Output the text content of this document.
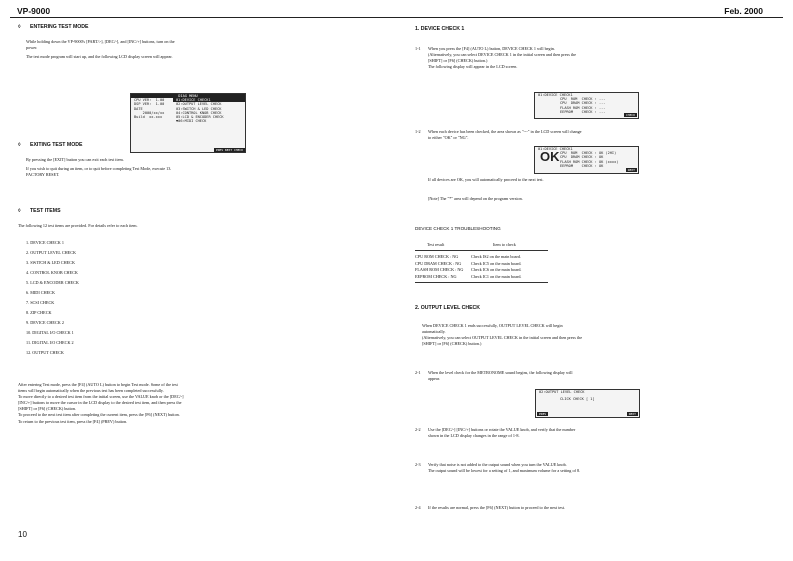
VP-9000	Feb. 2000
◊ ENTERING TEST MODE

While holding down the VP-9000's [PART/>], [DEC/-], and [INC/+] buttons, turn on the power.

The test mode program will start up, and the following LCD display screen will appear.

DIAG MENU
CPU VER:  1.00
DSP VER:  1.00
DATE
2000/xx/xx
Build  xx.xxx
01:DEVICE CHECK1
02:OUTPUT LEVEL CHECK
03:SWITCH & LED CHECK
04:CONTROL KNOB CHECK
05:LCD & ENCODER CHECK
▼06:MIDI CHECK
PREV NEXT CHECK
◊ EXITING TEST MODE

By pressing the [EXIT] button you can exit each test item.

If you wish to quit during an item, or to quit before completing Test Mode, execute 13. FACTORY RESET.

◊ TEST ITEMS

The following 12 test items are provided. For details refer to each item.

1. DEVICE CHECK 1
2. OUTPUT LEVEL CHECK
3. SWITCH & LED CHECK
4. CONTROL KNOB CHECK
5. LCD & ENCODER CHECK
6. MIDI CHECK
7. SCSI CHECK
8. ZIP CHECK
9. DEVICE CHECK 2
10. DIGITAL I/O CHECK 1
11. DIGITAL I/O CHECK 2
12. OUTPUT CHECK

After entering Test mode, press the [F4] (AUTO L) button to begin Test mode. Some of the test items will begin automatically when the previous test has been completed successfully.

To move directly to a desired test item from the initial screen, use the VALUE knob or the [DEC/-] [INC/+] buttons to move the cursor in the LCD display to the desired test item, and then press the [SHIFT] or [F6] (CHECK) button.

To proceed to the next test item after completing the current item, press the [F6] (NEXT) button.

To return to the previous test item, press the [F4] (PREV) button.

10
1. DEVICE CHECK 1
1-1 When you press the [F4] (AUTO L) button, DEVICE CHECK 1 will begin.

(Alternatively, you can select DEVICE CHECK 1 in the initial screen and then press the [SHIFT] or [F6] (CHECK) button.)

The following display will appear in the LCD screen.

01:DEVICE CHECK1
CPU  ROM  CHECK : ---
CPU  DRAM CHECK : ---
FLASH ROM CHECK : ---
EEPROM    CHECK : ---
CHECK
1-2 When each device has been checked, the area shown as "---" in the LCD screen will change to either "OK" or "NG".

01:DEVICE CHECK1
OK CPU  ROM  CHECK : OK (2HI)
CPU  DRAM CHECK : OK
FLASH ROM CHECK : OK (xxxx)
EEPROM    CHECK : OK
NEXT

If all devices are OK, you will automatically proceed to the next test.

[Note] The "*" area will depend on the program version.

DEVICE CHECK 1 TROUBLESHOOTING
Test result	Item to check
CPU ROM CHECK : NG	Check IS2 on the main board.
CPU DRAM CHECK : NG	Check IC5 on the main board.
FLASH ROM CHECK : NG	Check IC6 on the main board.
EEPROM CHECK : NG	Check IC1 on the main board.
2. OUTPUT LEVEL CHECK

When DEVICE CHECK 1 ends successfully, OUTPUT LEVEL CHECK will begin automatically.

(Alternatively, you can select OUTPUT LEVEL CHECK in the initial screen and then press the [SHIFT] or [F6] (CHECK) button.)

2-1 When the level check for the METRONOME sound begins, the following display will appear.

02:OUTPUT LEVEL CHECK
CLICK CHECK [ 1]
PREV	NEXT
2-2 Use the [DEC/-] [INC/+] buttons or rotate the VALUE knob, and verify that the number shown in the LCD display changes in the range of 1-8.

2-3 Verify that noise is not added to the output sound when you turn the VALUE knob.

The output sound will be lowest for a setting of 1, and maximum volume for a setting of 8.

2-4 If the results are normal, press the [F6] (NEXT) button to proceed to the next test.
